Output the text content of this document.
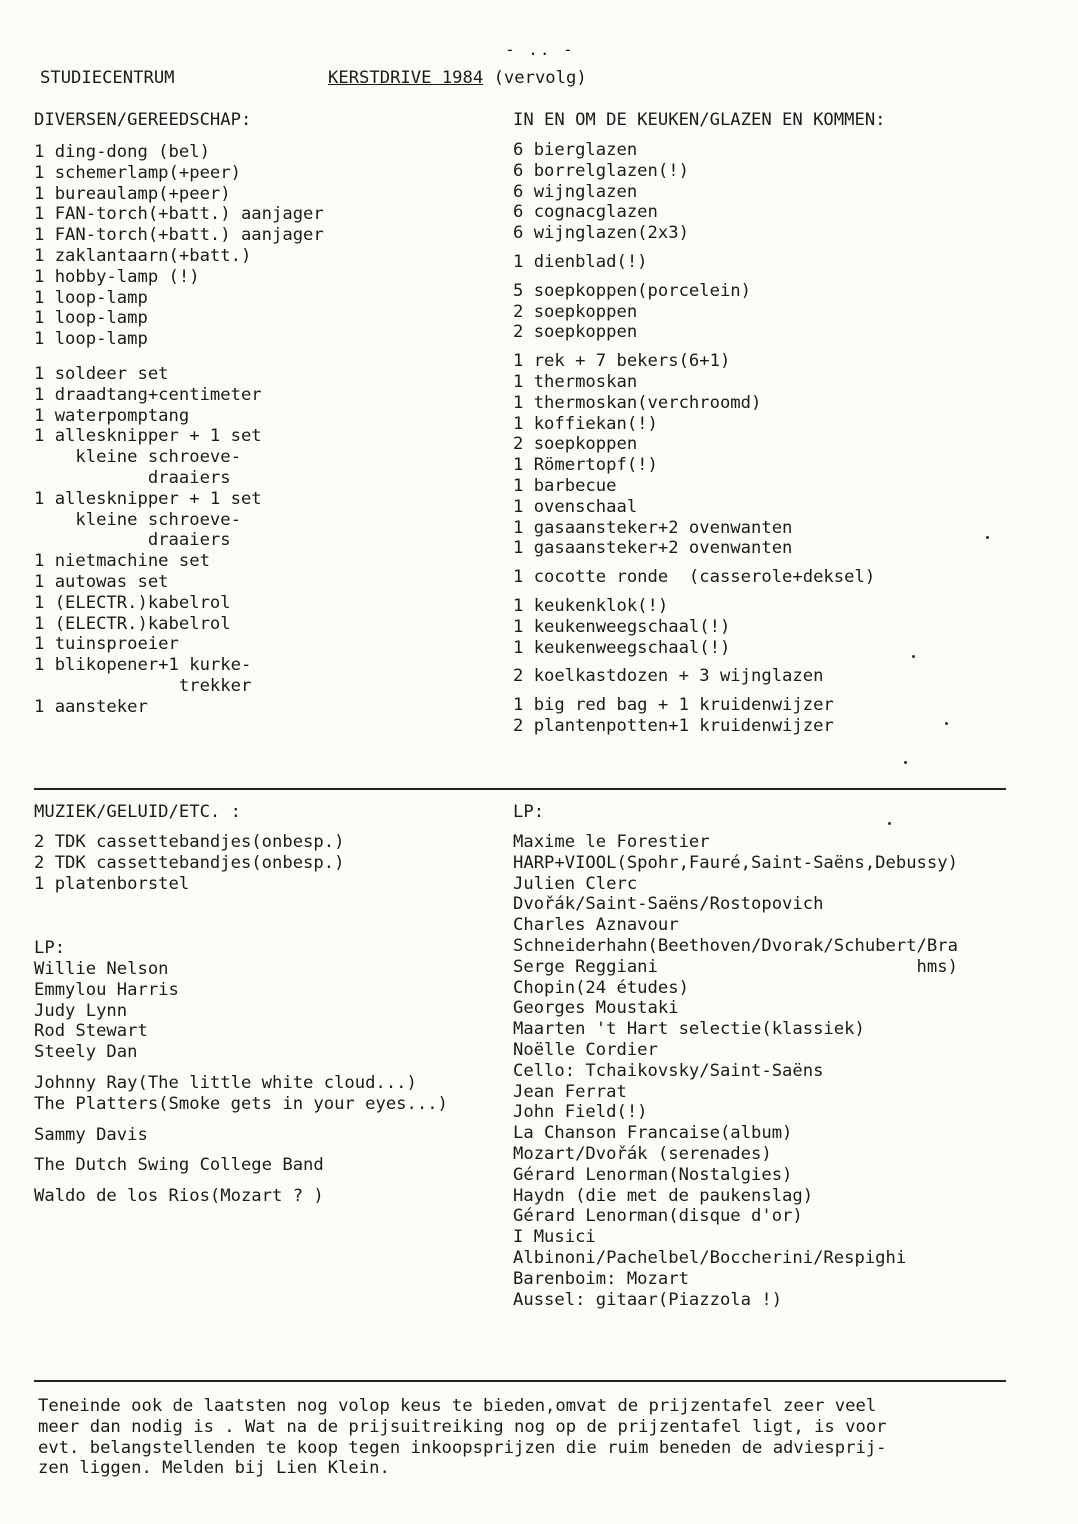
- .. -
STUDIECENTRUM	KERSTDRIVE 1984 (vervolg)
DIVERSEN/GEREEDSCHAP:
1 ding-dong (bel)
1 schemerlamp(+peer)
1 bureaulamp(+peer)
1 FAN-torch(+batt.) aanjager
1 FAN-torch(+batt.) aanjager
1 zaklantaarn(+batt.)
1 hobby-lamp (!)
1 loop-lamp
1 loop-lamp
1 loop-lamp
1 soldeer set
1 draadtang+centimeter
1 waterpomptang
1 allesknipper + 1 set
kleine schroeve-
draaiers
1 allesknipper + 1 set
kleine schroeve-
draaiers
1 nietmachine set
1 autowas set
1 (ELECTR.)kabelrol
1 (ELECTR.)kabelrol
1 tuinsproeier
1 blikopener+1 kurke-
trekker
1 aansteker
IN EN OM DE KEUKEN/GLAZEN EN KOMMEN:
6 bierglazen
6 borrelglazen(!)
6 wijnglazen
6 cognacglazen
6 wijnglazen(2x3)
1 dienblad(!)
5 soepkoppen(porcelein)
2 soepkoppen
2 soepkoppen
1 rek + 7 bekers(6+1)
1 thermoskan
1 thermoskan(verchroomd)
1 koffiekan(!)
2 soepkoppen
1 Römertopf(!)
1 barbecue
1 ovenschaal
1 gasaansteker+2 ovenwanten
1 gasaansteker+2 ovenwanten
1 cocotte ronde  (casserole+deksel)
1 keukenklok(!)
1 keukenweegschaal(!)
1 keukenweegschaal(!)
2 koelkastdozen + 3 wijnglazen
1 big red bag + 1 kruidenwijzer
2 plantenpotten+1 kruidenwijzer
MUZIEK/GELUID/ETC. :
2 TDK cassettebandjes(onbesp.)
2 TDK cassettebandjes(onbesp.)
1 platenborstel
LP:
Willie Nelson
Emmylou Harris
Judy Lynn
Rod Stewart
Steely Dan
Johnny Ray(The little white cloud...)
The Platters(Smoke gets in your eyes...)
Sammy Davis
The Dutch Swing College Band
Waldo de los Rios(Mozart ? )
LP:
Maxime le Forestier
HARP+VIOOL(Spohr,Fauré,Saint-Saëns,Debussy)
Julien Clerc
Dvořák/Saint-Saëns/Rostopovich
Charles Aznavour
Schneiderhahn(Beethoven/Dvorak/Schubert/Bra
Serge Reggiani                         hms)
Chopin(24 études)
Georges Moustaki
Maarten 't Hart selectie(klassiek)
Noëlle Cordier
Cello: Tchaikovsky/Saint-Saëns
Jean Ferrat
John Field(!)
La Chanson Francaise(album)
Mozart/Dvořák (serenades)
Gérard Lenorman(Nostalgies)
Haydn (die met de paukenslag)
Gérard Lenorman(disque d'or)
I Musici
Albinoni/Pachelbel/Boccherini/Respighi
Barenboim: Mozart
Aussel: gitaar(Piazzola !)
Teneinde ook de laatsten nog volop keus te bieden,omvat de prijzentafel zeer veel
meer dan nodig is . Wat na de prijsuitreiking nog op de prijzentafel ligt, is voor
evt. belangstellenden te koop tegen inkoopsprijzen die ruim beneden de adviesprij-
zen liggen. Melden bij Lien Klein.
